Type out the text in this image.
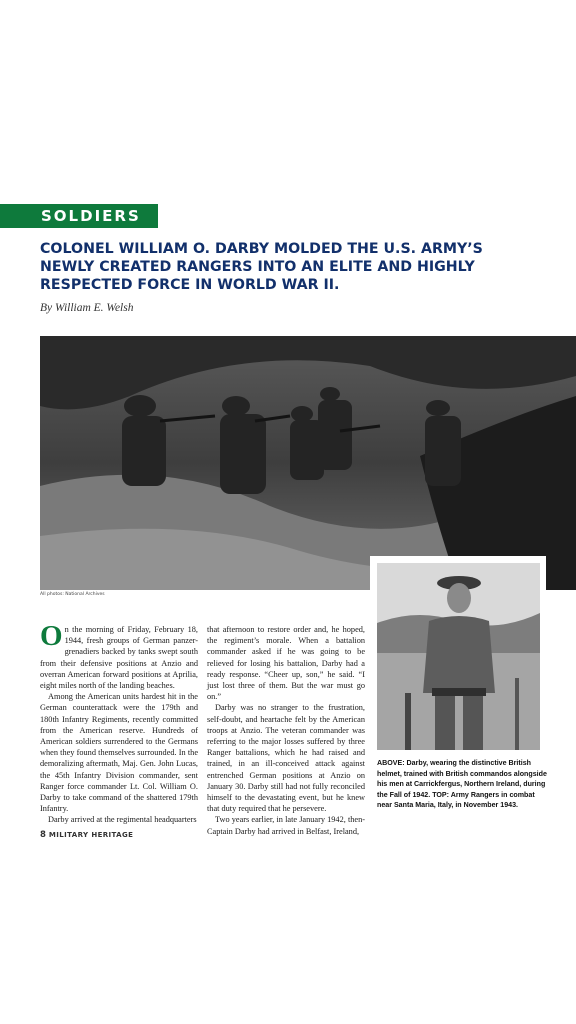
SOLDIERS
COLONEL WILLIAM O. DARBY MOLDED THE U.S. ARMY’S NEWLY CREATED RANGERS INTO AN ELITE AND HIGHLY RESPECTED FORCE IN WORLD WAR II.
By William E. Welsh
All photos: National Archives

On the morning of Friday, February 18, 1944, fresh groups of German panzer-grenadiers backed by tanks swept south from their defensive positions at Anzio and overran American forward positions at Aprilia, eight miles north of the landing beaches.

Among the American units hardest hit in the German counterattack were the 179th and 180th Infantry Regiments, recently committed from the American reserve. Hundreds of American soldiers surrendered to the Germans when they found themselves surrounded. In the demoralizing aftermath, Maj. Gen. John Lucas, the 45th Infantry Division commander, sent Ranger force commander Lt. Col. William O. Darby to take command of the shattered 179th Infantry.

Darby arrived at the regimental headquarters

that afternoon to restore order and, he hoped, the regiment’s morale. When a battalion commander asked if he was going to be relieved for losing his battalion, Darby had a ready response. “Cheer up, son,” he said. “I just lost three of them. But the war must go on.”

Darby was no stranger to the frustration, self-doubt, and heartache felt by the American troops at Anzio. The veteran commander was referring to the major losses suffered by three Ranger battalions, which he had raised and trained, in an ill-conceived attack against entrenched German positions at Anzio on January 30. Darby still had not fully reconciled himself to the devastating event, but he knew that duty required that he persevere.

Two years earlier, in late January 1942, then-Captain Darby had arrived in Belfast, Ireland,

ABOVE: Darby, wearing the distinctive British helmet, trained with British commandos alongside his men at Carrickfergus, Northern Ireland, during the Fall of 1942. TOP: Army Rangers in combat near Santa Maria, Italy, in November 1943.
8 MILITARY HERITAGE
